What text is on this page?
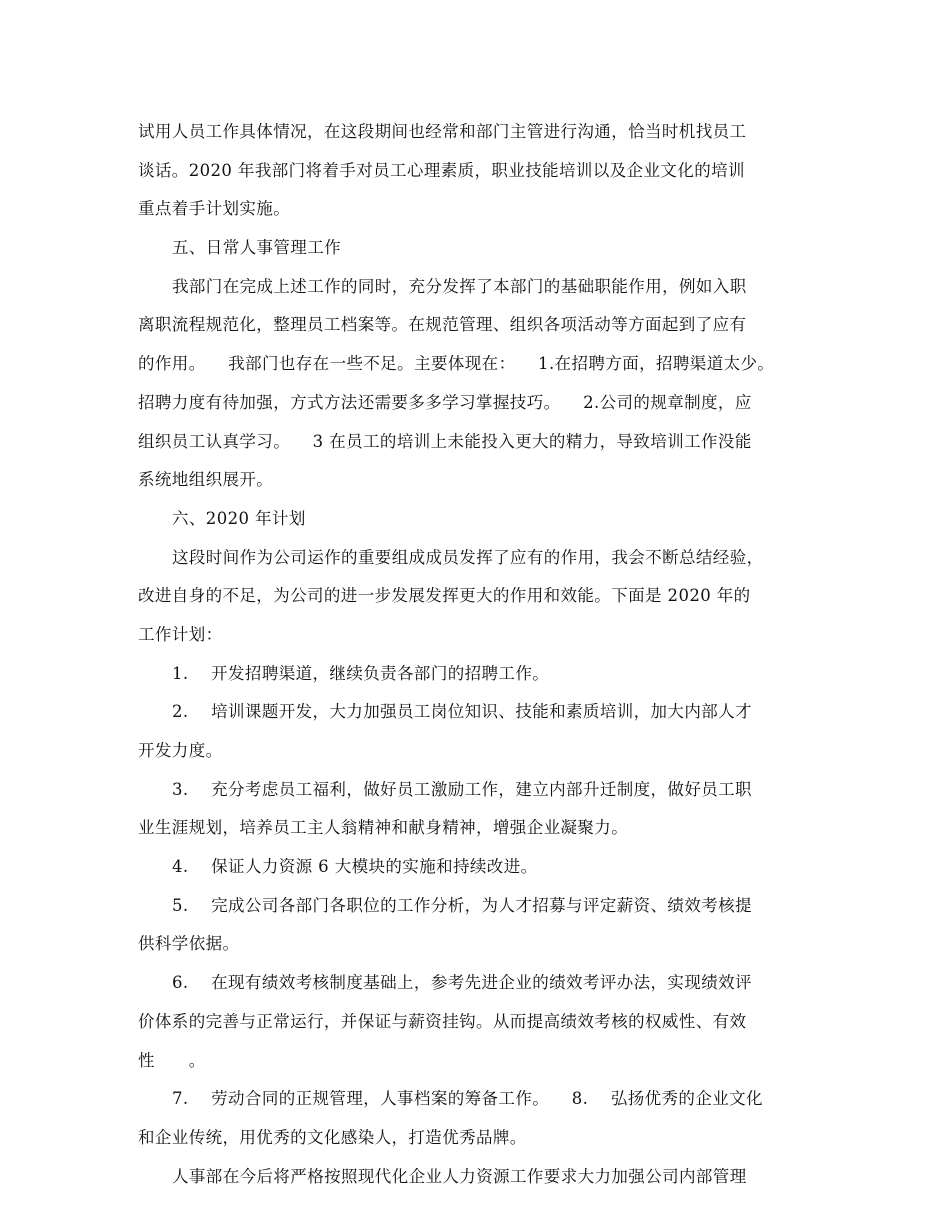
试用人员工作具体情况，在这段期间也经常和部门主管进行沟通，恰当时机找员工
谈话。2020 年我部门将着手对员工心理素质，职业技能培训以及企业文化的培训
重点着手计划实施。
五、日常人事管理工作
我部门在完成上述工作的同时，充分发挥了本部门的基础职能作用，例如入职
离职流程规范化，整理员工档案等。在规范管理、组织各项活动等方面起到了应有
的作用。    我部门也存在一些不足。主要体现在：    1.在招聘方面，招聘渠道太少。
招聘力度有待加强，方式方法还需要多多学习掌握技巧。    2.公司的规章制度，应
组织员工认真学习。    3 在员工的培训上未能投入更大的精力，导致培训工作没能
系统地组织展开。
六、2020 年计划
这段时间作为公司运作的重要组成成员发挥了应有的作用，我会不断总结经验，
改进自身的不足，为公司的进一步发展发挥更大的作用和效能。下面是 2020 年的
工作计划：
1.    开发招聘渠道，继续负责各部门的招聘工作。
2.    培训课题开发，大力加强员工岗位知识、技能和素质培训，加大内部人才
开发力度。
3.    充分考虑员工福利，做好员工激励工作，建立内部升迁制度，做好员工职
业生涯规划，培养员工主人翁精神和献身精神，增强企业凝聚力。
4.    保证人力资源 6 大模块的实施和持续改进。
5.    完成公司各部门各职位的工作分析，为人才招募与评定薪资、绩效考核提
供科学依据。
6.    在现有绩效考核制度基础上，参考先进企业的绩效考评办法，实现绩效评
价体系的完善与正常运行，并保证与薪资挂钩。从而提高绩效考核的权威性、有效
性      。
7.    劳动合同的正规管理，人事档案的筹备工作。    8.    弘扬优秀的企业文化
和企业传统，用优秀的文化感染人，打造优秀品牌。
人事部在今后将严格按照现代化企业人力资源工作要求大力加强公司内部管理
